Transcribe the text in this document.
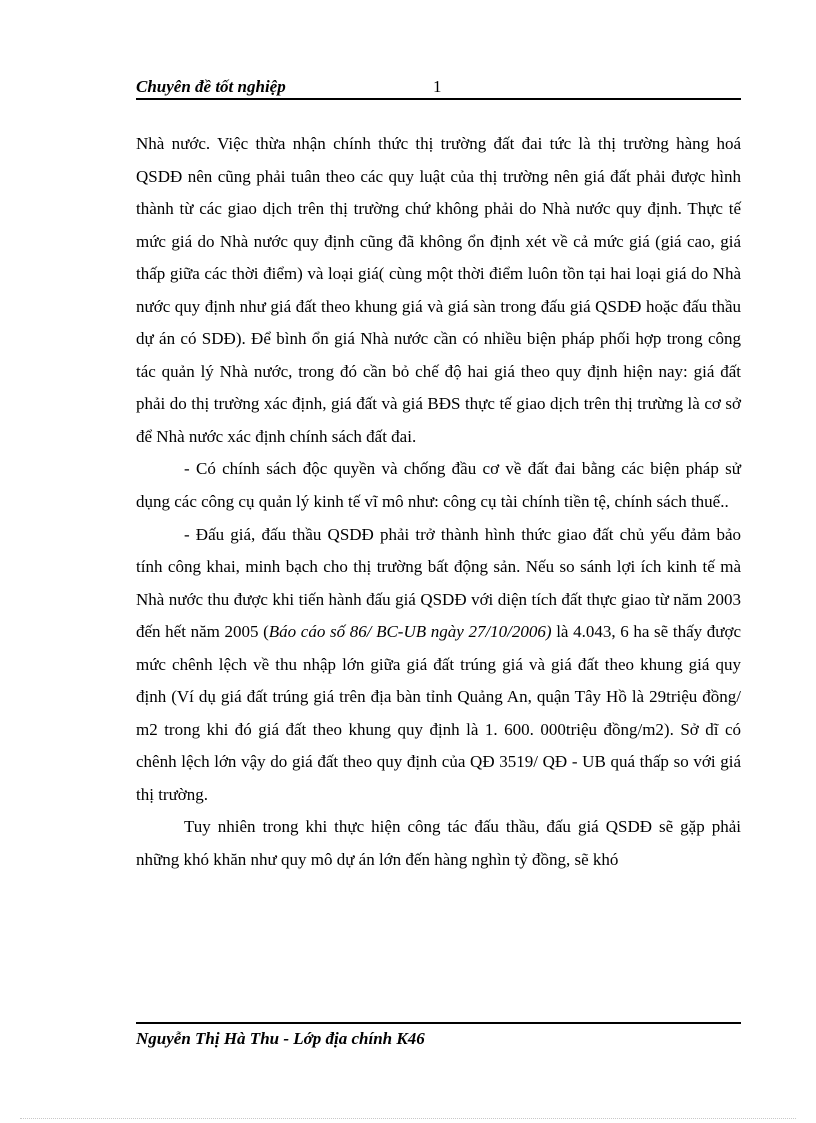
Chuyên đề tốt nghiệp	1

Nhà nước. Việc thừa nhận chính thức thị trường đất đai tức là thị trường hàng hoá QSDĐ nên cũng phải tuân theo các quy luật của thị trường nên giá đất phải được hình thành từ các giao dịch trên thị trường chứ không phải do Nhà nước quy định. Thực tế mức giá do Nhà nước quy định cũng đã không ổn định xét về cả mức giá (giá cao, giá thấp giữa các thời điểm) và loại giá( cùng một thời điểm luôn tồn tại hai loại giá do Nhà nước quy định như giá đất theo khung giá và giá sàn trong đấu giá QSDĐ hoặc đấu thầu dự án có SDĐ). Để bình ổn giá Nhà nước cần có nhiều biện pháp phối hợp trong công tác quản lý Nhà nước, trong đó cần bỏ chế độ hai giá theo quy định hiện nay: giá đất phải do thị trường xác định, giá đất và giá BĐS thực tế giao dịch trên thị trưừng là cơ sở để Nhà nước xác định chính sách đất đai.

- Có chính sách độc quyền và chống đầu cơ về đất đai bằng các biện pháp sử dụng các công cụ quản lý kinh tế vĩ mô như: công cụ tài chính tiền tệ, chính sách thuế..

- Đấu giá, đấu thầu QSDĐ phải trở thành hình thức giao đất chủ yếu đảm bảo tính công khai, minh bạch cho thị trường bất động sản. Nếu so sánh lợi ích kinh tế mà Nhà nước thu được khi tiến hành đấu giá QSDĐ với diện tích đất thực giao từ năm 2003 đến hết năm 2005 (Báo cáo số 86/ BC-UB ngày 27/10/2006) là 4.043, 6 ha sẽ thấy được mức chênh lệch về thu nhập lớn giữa giá đất trúng giá và giá đất theo khung giá quy định (Ví dụ giá đất trúng giá trên địa bàn tỉnh Quảng An, quận Tây Hồ là 29triệu đồng/ m2 trong khi đó giá đất theo khung quy định là 1. 600. 000triệu đồng/m2). Sở dĩ có chênh lệch lớn vậy do giá đất theo quy định của QĐ 3519/ QĐ - UB quá thấp so với giá thị trường.

Tuy nhiên trong khi thực hiện công tác đấu thầu, đấu giá QSDĐ sẽ gặp phải những khó khăn như quy mô dự án lớn đến hàng nghìn tỷ đồng, sẽ khó

Nguyễn Thị Hà Thu - Lớp địa chính K46
